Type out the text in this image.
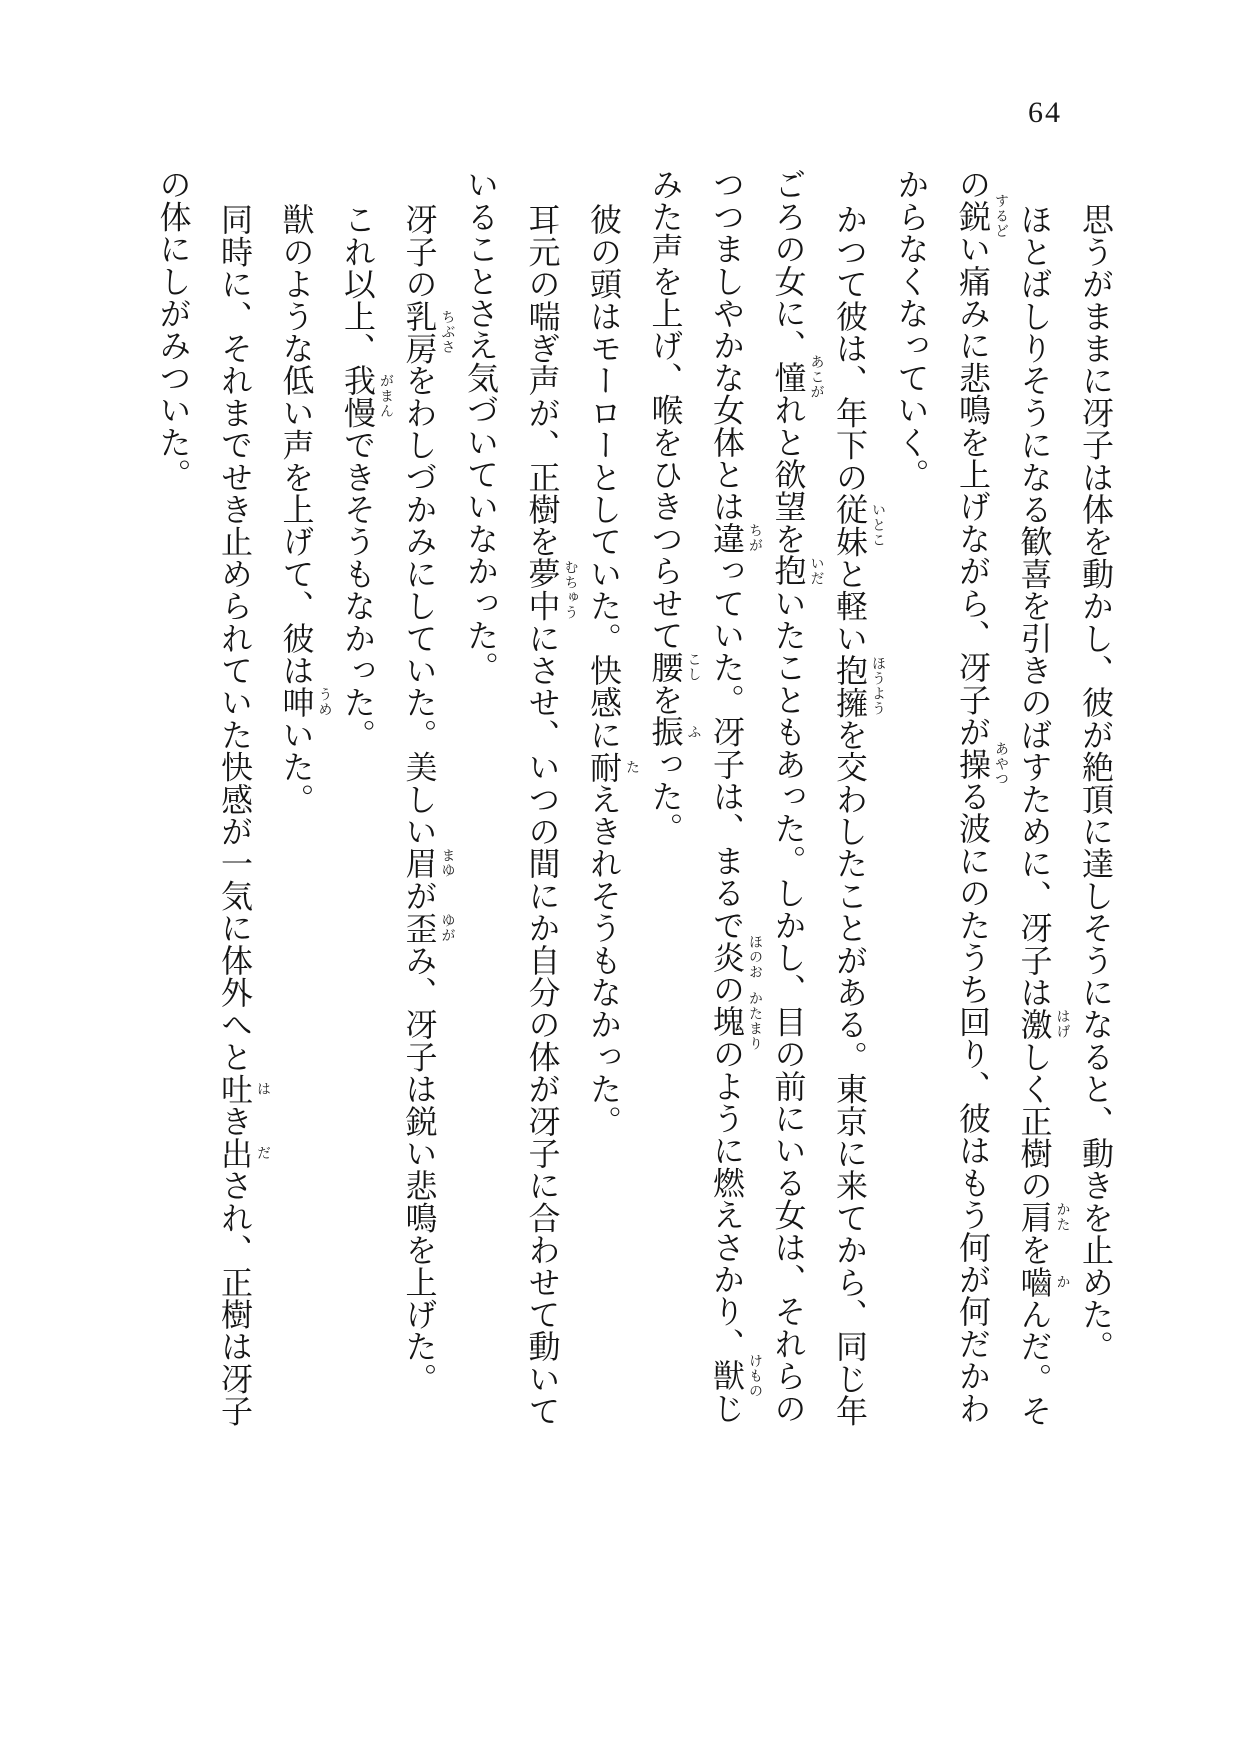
64

思うがままに冴子は体を動かし、彼が絶頂に達しそうになると、動きを止めた。

ほとばしりそうになる歓喜を引きのばすために、冴子は激 はげ
しく正樹の肩 かた
を嚙 か
んだ。その鋭 するど
い痛みに悲鳴を上げながら、冴子が操 あやつ
る波にのたうち回り、彼はもう何が何だかわからなくなっていく。

かつて彼は、年下の従妹 いとこ
と軽い抱擁 ほうよう
を交わしたことがある。東京に来てから、同じ年ごろの女に、憧 あこが
れと欲望を抱 いだ
いたこともあった。しかし、目の前にいる女は、それらのつつましやかな女体とは違 ちが
っていた。冴子は、まるで炎 ほのお
の塊 かたまり
のように燃えさかり、獣 けもの
じみた声を上げ、喉をひきつらせて腰 こし
を振 ふ
った。

彼の頭はモーローとしていた。快感に耐 た
えきれそうもなかった。

耳元の喘ぎ声が、正樹を夢中 むちゅう
にさせ、いつの間にか自分の体が冴子に合わせて動いていることさえ気づいていなかった。

冴子の乳房 ちぶさ
をわしづかみにしていた。美しい眉 まゆ
が歪 ゆが
み、冴子は鋭い悲鳴を上げた。

これ以上、我慢 がまん
できそうもなかった。

獣のような低い声を上げて、彼は呻 うめ
いた。

同時に、それまでせき止められていた快感が一気に体外へと吐 は
き出 だ
され、正樹は冴子の体にしがみついた。
